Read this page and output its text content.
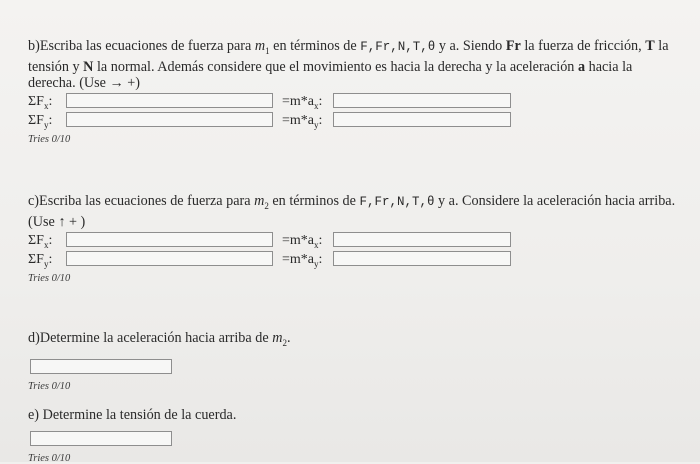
b)Escriba las ecuaciones de fuerza para $m_1$ en términos de F,Fr,N,T,θ y a. Siendo Fr la fuerza de fricción, T la tensión y N la normal. Además considere que el movimiento es hacia la derecha y la aceleración a hacia la derecha. (Use → +)

$\Sigma F_x$:	$=m*a_x$:
$\Sigma F_y$:	$=m*a_y$:
Tries 0/10

c)Escriba las ecuaciones de fuerza para $m_2$ en términos de F,Fr,N,T,θ y a. Considere la aceleración hacia arriba. (Use ↑ + )

$\Sigma F_x$:	$=m*a_x$:
$\Sigma F_y$:	$=m*a_y$:
Tries 0/10

d)Determine la aceleración hacia arriba de $m_2$.

Tries 0/10

e) Determine la tensión de la cuerda.

Tries 0/10
